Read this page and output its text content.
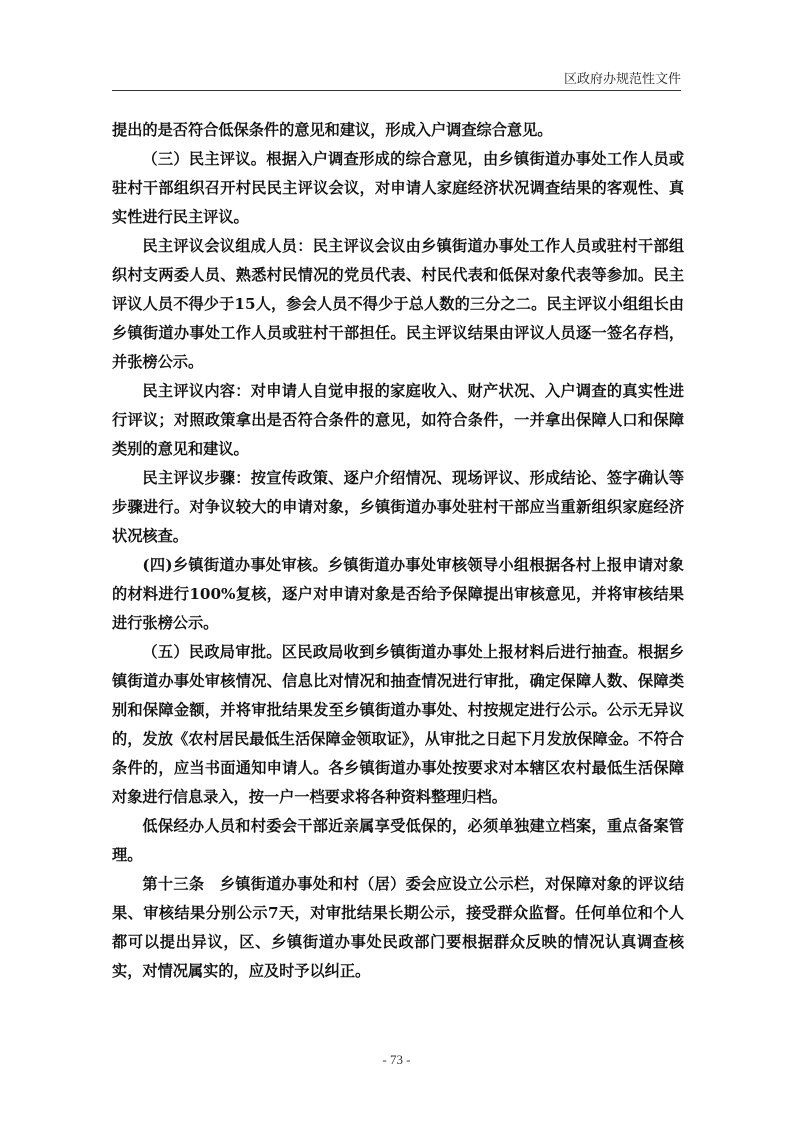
区政府办规范性文件

提出的是否符合低保条件的意见和建议，形成入户调查综合意见。

（三）民主评议。根据入户调查形成的综合意见，由乡镇街道办事处工作人员或驻村干部组织召开村民民主评议会议，对申请人家庭经济状况调查结果的客观性、真实性进行民主评议。

民主评议会议组成人员：民主评议会议由乡镇街道办事处工作人员或驻村干部组织村支两委人员、熟悉村民情况的党员代表、村民代表和低保对象代表等参加。民主评议人员不得少于15人，参会人员不得少于总人数的三分之二。民主评议小组组长由乡镇街道办事处工作人员或驻村干部担任。民主评议结果由评议人员逐一签名存档，并张榜公示。

民主评议内容：对申请人自觉申报的家庭收入、财产状况、入户调查的真实性进行评议；对照政策拿出是否符合条件的意见，如符合条件，一并拿出保障人口和保障类别的意见和建议。

民主评议步骤：按宣传政策、逐户介绍情况、现场评议、形成结论、签字确认等步骤进行。对争议较大的申请对象，乡镇街道办事处驻村干部应当重新组织家庭经济状况核查。

(四)乡镇街道办事处审核。乡镇街道办事处审核领导小组根据各村上报申请对象的材料进行100%复核，逐户对申请对象是否给予保障提出审核意见，并将审核结果进行张榜公示。

（五）民政局审批。区民政局收到乡镇街道办事处上报材料后进行抽查。根据乡镇街道办事处审核情况、信息比对情况和抽查情况进行审批，确定保障人数、保障类别和保障金额，并将审批结果发至乡镇街道办事处、村按规定进行公示。公示无异议的，发放《农村居民最低生活保障金领取证》，从审批之日起下月发放保障金。不符合条件的，应当书面通知申请人。各乡镇街道办事处按要求对本辖区农村最低生活保障对象进行信息录入，按一户一档要求将各种资料整理归档。

低保经办人员和村委会干部近亲属享受低保的，必须单独建立档案，重点备案管理。

第十三条　乡镇街道办事处和村（居）委会应设立公示栏，对保障对象的评议结果、审核结果分别公示7天，对审批结果长期公示，接受群众监督。任何单位和个人都可以提出异议，区、乡镇街道办事处民政部门要根据群众反映的情况认真调查核实，对情况属实的，应及时予以纠正。

- 73 -
